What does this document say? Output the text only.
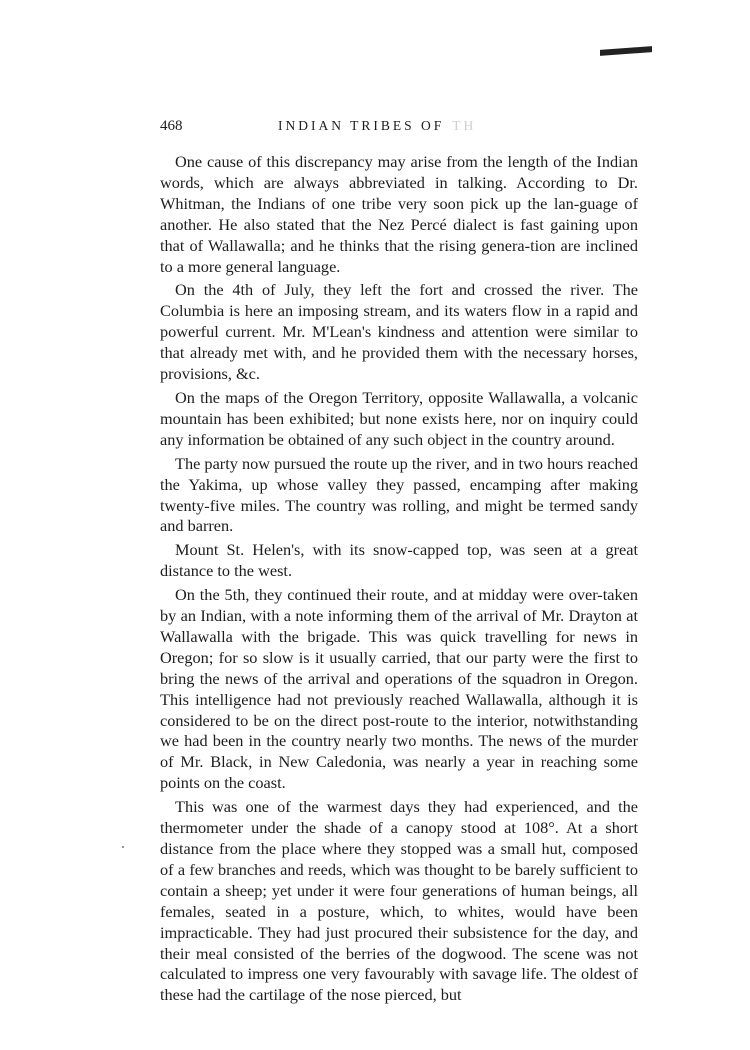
468	INDIAN TRIBES OF TH

One cause of this discrepancy may arise from the length of the Indian words, which are always abbreviated in talking. According to Dr. Whitman, the Indians of one tribe very soon pick up the lan-guage of another. He also stated that the Nez Percé dialect is fast gaining upon that of Wallawalla; and he thinks that the rising genera-tion are inclined to a more general language.

On the 4th of July, they left the fort and crossed the river. The Columbia is here an imposing stream, and its waters flow in a rapid and powerful current. Mr. M'Lean's kindness and attention were similar to that already met with, and he provided them with the necessary horses, provisions, &c.

On the maps of the Oregon Territory, opposite Wallawalla, a volcanic mountain has been exhibited; but none exists here, nor on inquiry could any information be obtained of any such object in the country around.

The party now pursued the route up the river, and in two hours reached the Yakima, up whose valley they passed, encamping after making twenty-five miles. The country was rolling, and might be termed sandy and barren.

Mount St. Helen's, with its snow-capped top, was seen at a great distance to the west.

On the 5th, they continued their route, and at midday were over-taken by an Indian, with a note informing them of the arrival of Mr. Drayton at Wallawalla with the brigade. This was quick travelling for news in Oregon; for so slow is it usually carried, that our party were the first to bring the news of the arrival and operations of the squadron in Oregon. This intelligence had not previously reached Wallawalla, although it is considered to be on the direct post-route to the interior, notwithstanding we had been in the country nearly two months. The news of the murder of Mr. Black, in New Caledonia, was nearly a year in reaching some points on the coast.

This was one of the warmest days they had experienced, and the thermometer under the shade of a canopy stood at 108°. At a short distance from the place where they stopped was a small hut, composed of a few branches and reeds, which was thought to be barely sufficient to contain a sheep; yet under it were four generations of human beings, all females, seated in a posture, which, to whites, would have been impracticable. They had just procured their subsistence for the day, and their meal consisted of the berries of the dogwood. The scene was not calculated to impress one very favourably with savage life. The oldest of these had the cartilage of the nose pierced, but
